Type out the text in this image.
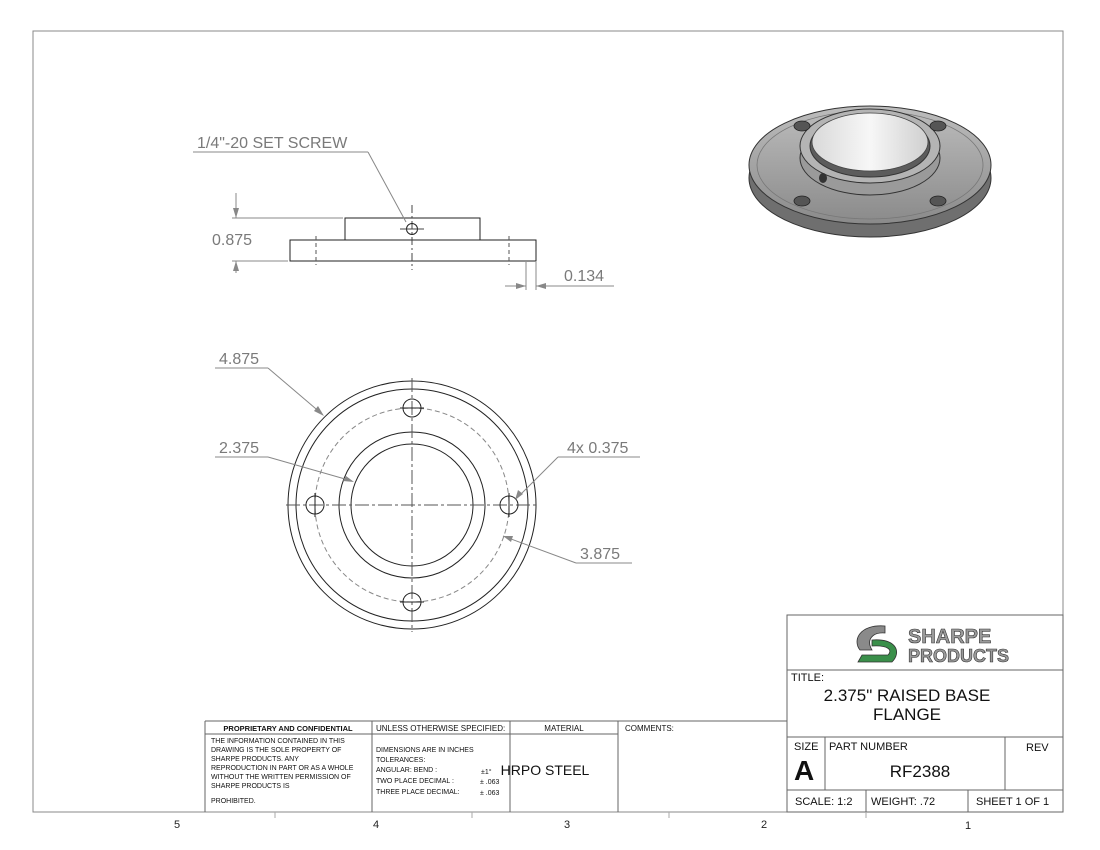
1/4"-20 SET SCREW
0.875
0.134
4.875
2.375	4x 0.375
3.875
SHARPE
PRODUCTS
TITLE:
2.375" RAISED BASE
FLANGE
SIZE
A
PART NUMBER
RF2388
REV
SCALE: 1:2 WEIGHT: .72	SHEET 1 OF 1
PROPRIETARY AND CONFIDENTIAL
THE INFORMATION CONTAINED IN THIS
DRAWING IS THE SOLE PROPERTY OF
SHARPE PRODUCTS. ANY
REPRODUCTION IN PART OR AS A WHOLE
WITHOUT THE WRITTEN PERMISSION OF
SHARPE PRODUCTS IS
PROHIBITED.
UNLESS OTHERWISE SPECIFIED:
DIMENSIONS ARE IN INCHES
TOLERANCES:
ANGULAR: BEND :	±1°
TWO PLACE DECIMAL :	± .063
THREE PLACE DECIMAL:	± .063
MATERIAL
HRPO STEEL
COMMENTS:
5	4	3	2	1
